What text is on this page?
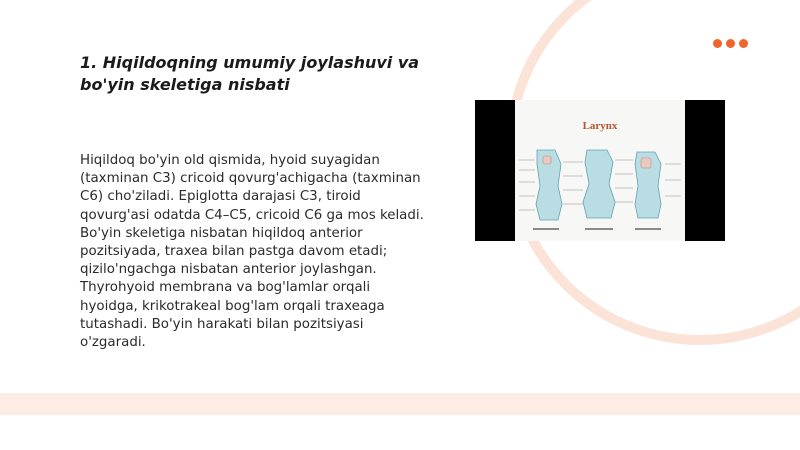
1. Hiqildoqning umumiy joylashuvi va bo'yin skeletiga nisbati

Hiqildoq bo'yin old qismida, hyoid suyagidan (taxminan C3) cricoid qovurg'achigacha (taxminan C6) cho'ziladi. Epiglotta darajasi C3, tiroid qovurg'asi odatda C4–C5, cricoid C6 ga mos keladi. Bo'yin skeletiga nisbatan hiqildoq anterior pozitsiyada, traxea bilan pastga davom etadi; qizilo'ngachga nisbatan anterior joylashgan. Thyrohyoid membrana va bog'lamlar orqali hyoidga, krikotrakeal bog'lam orqali traxeaga tutashadi. Bo'yin harakati bilan pozitsiyasi o'zgaradi.

Larynx
